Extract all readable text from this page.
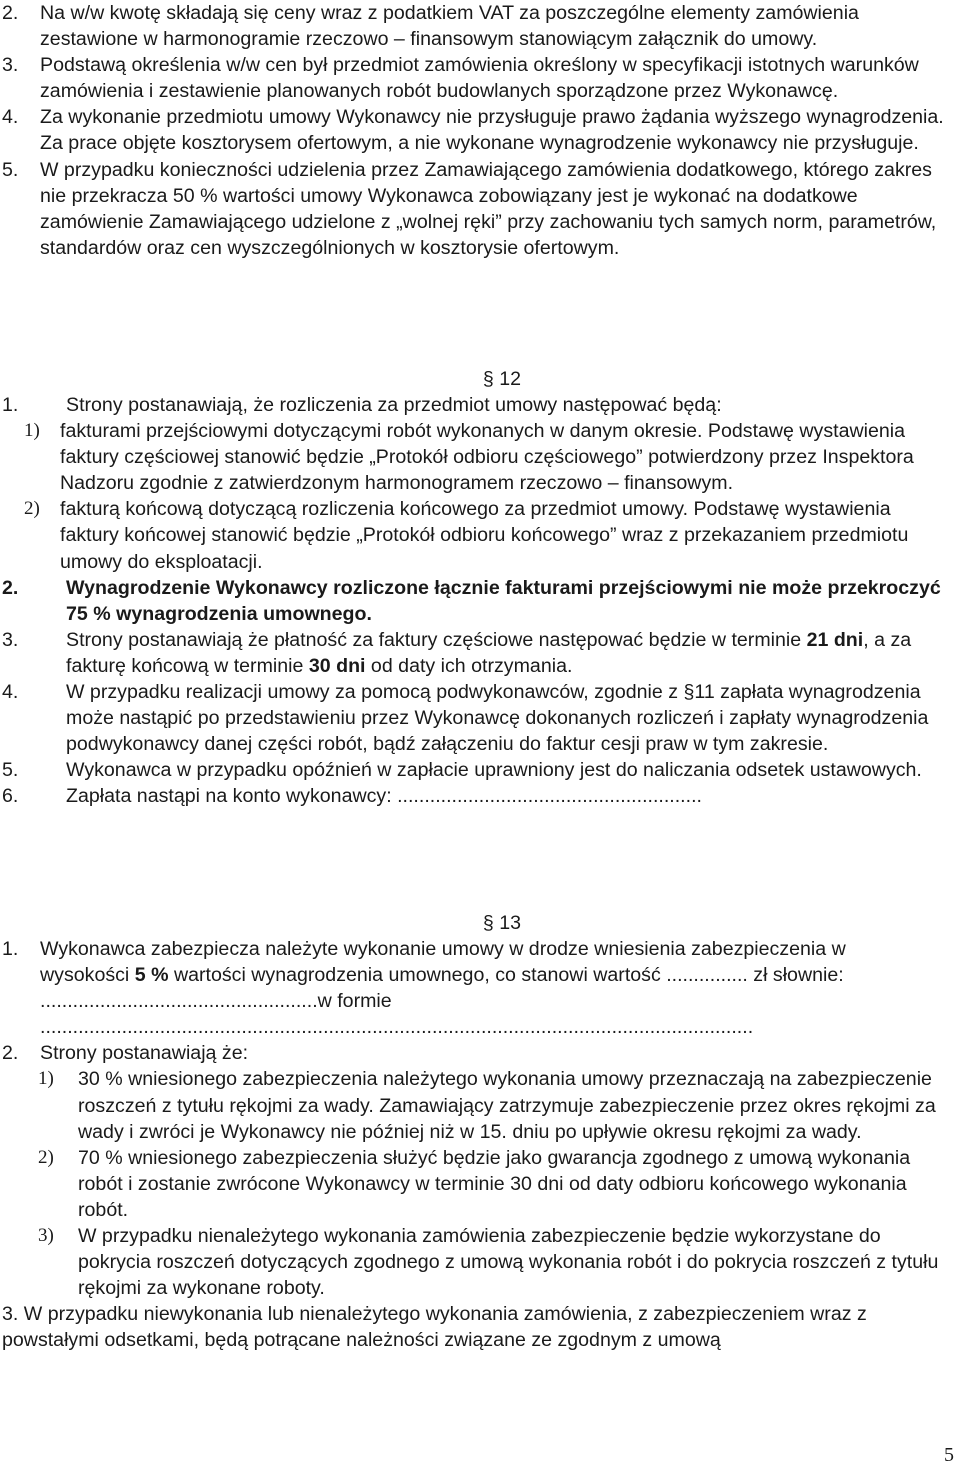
2.	Na w/w kwotę składają się ceny wraz z podatkiem VAT za poszczególne elementy zamówienia zestawione w harmonogramie rzeczowo – finansowym stanowiącym załącznik do umowy.
3.	Podstawą określenia w/w cen był przedmiot zamówienia określony w specyfikacji istotnych warunków zamówienia i zestawienie planowanych robót budowlanych sporządzone przez Wykonawcę.
4.	Za wykonanie przedmiotu umowy Wykonawcy nie przysługuje prawo żądania wyższego wynagrodzenia. Za prace objęte kosztorysem ofertowym, a nie wykonane wynagrodzenie wykonawcy nie przysługuje.
5.	W przypadku konieczności udzielenia przez Zamawiającego zamówienia dodatkowego, którego zakres nie przekracza 50 % wartości umowy Wykonawca zobowiązany jest je wykonać na dodatkowe zamówienie Zamawiającego udzielone z „wolnej ręki” przy zachowaniu tych samych norm, parametrów, standardów oraz cen wyszczególnionych w kosztorysie ofertowym.
§ 12
1.	Strony postanawiają, że rozliczenia za przedmiot umowy następować będą:
1)	fakturami przejściowymi dotyczącymi robót wykonanych w danym okresie. Podstawę wystawienia faktury częściowej stanowić będzie „Protokół odbioru częściowego” potwierdzony przez Inspektora Nadzoru zgodnie z zatwierdzonym harmonogramem rzeczowo – finansowym.
2)	fakturą końcową dotyczącą rozliczenia końcowego za przedmiot umowy. Podstawę wystawienia faktury końcowej stanowić będzie „Protokół odbioru końcowego” wraz z przekazaniem przedmiotu umowy do eksploatacji.
2.	Wynagrodzenie Wykonawcy rozliczone łącznie fakturami przejściowymi nie może przekroczyć 75 % wynagrodzenia umownego.
3.	Strony postanawiają że płatność za faktury częściowe następować będzie w terminie 21 dni, a za fakturę końcową w terminie 30 dni od daty ich otrzymania.
4.	W przypadku realizacji umowy za pomocą podwykonawców, zgodnie z §11 zapłata wynagrodzenia może nastąpić po przedstawieniu przez Wykonawcę dokonanych rozliczeń i zapłaty wynagrodzenia podwykonawcy danej części robót, bądź załączeniu do faktur cesji praw w tym zakresie.
5.	Wykonawca w przypadku opóźnień w zapłacie uprawniony jest do naliczania odsetek ustawowych.
6.	Zapłata nastąpi na konto wykonawcy: ........................................................
§ 13
1.	Wykonawca zabezpiecza należyte wykonanie umowy w drodze wniesienia zabezpieczenia w wysokości 5 % wartości wynagrodzenia umownego, co stanowi wartość ............... zł słownie: ...................................................w formie ...................................................................................................................................
2.	Strony postanawiają że:
1)	30 % wniesionego zabezpieczenia należytego wykonania umowy przeznaczają na zabezpieczenie roszczeń z tytułu rękojmi za wady. Zamawiający zatrzymuje zabezpieczenie przez okres rękojmi za wady i zwróci je Wykonawcy nie później niż w 15. dniu po upływie okresu rękojmi za wady.
2)	70 % wniesionego zabezpieczenia służyć będzie jako gwarancja zgodnego z umową wykonania robót i zostanie zwrócone Wykonawcy w terminie 30 dni od daty odbioru końcowego wykonania robót.
3)	W przypadku nienależytego wykonania zamówienia zabezpieczenie będzie wykorzystane do pokrycia roszczeń dotyczących zgodnego z umową wykonania robót i do pokrycia roszczeń z tytułu rękojmi za wykonane roboty.

3. W przypadku niewykonania lub nienależytego wykonania zamówienia, z zabezpieczeniem wraz z powstałymi odsetkami, będą potrącane należności związane ze zgodnym z umową

5
